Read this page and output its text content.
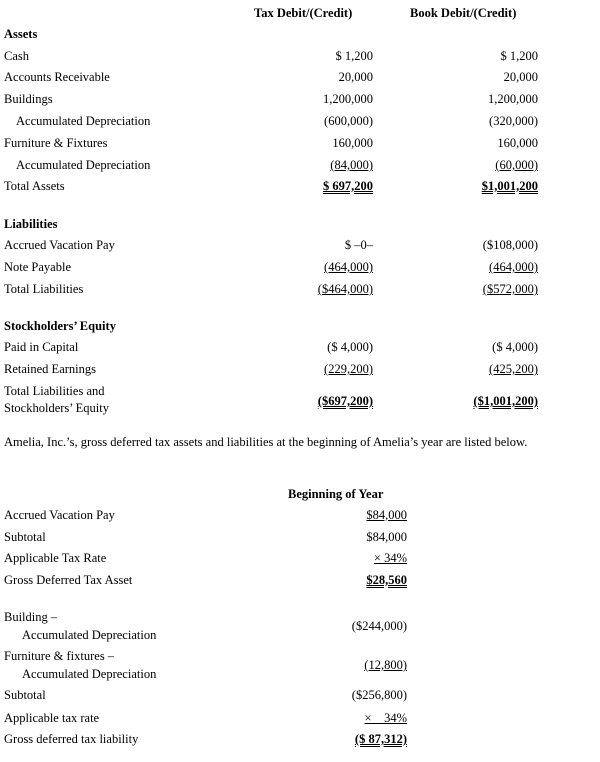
Tax Debit/(Credit)	Book Debit/(Credit)
Assets
Cash	$ 1,200	$ 1,200
Accounts Receivable	20,000	20,000
Buildings	1,200,000	1,200,000
Accumulated Depreciation	(600,000)	(320,000)
Furniture & Fixtures	160,000	160,000
Accumulated Depreciation	(84,000)	(60,000)
Total Assets	$ 697,200	$1,001,200
Liabilities
Accrued Vacation Pay	$ –0–	($108,000)
Note Payable	(464,000)	(464,000)
Total Liabilities	($464,000)	($572,000)
Stockholders’ Equity
Paid in Capital	($ 4,000)	($ 4,000)
Retained Earnings	(229,200)	(425,200)
Total Liabilities and
Stockholders’ Equity	($697,200)	($1,001,200)
Amelia, Inc.’s, gross deferred tax assets and liabilities at the beginning of Amelia’s year are listed below.
Beginning of Year
Accrued Vacation Pay	$84,000
Subtotal	$84,000
Applicable Tax Rate	× 34%
Gross Deferred Tax Asset	$28,560
Building –
Accumulated Depreciation
($244,000)
Furniture & fixtures –
Accumulated Depreciation
(12,800)
Subtotal	($256,800)
Applicable tax rate	×    34%
Gross deferred tax liability	($ 87,312)
